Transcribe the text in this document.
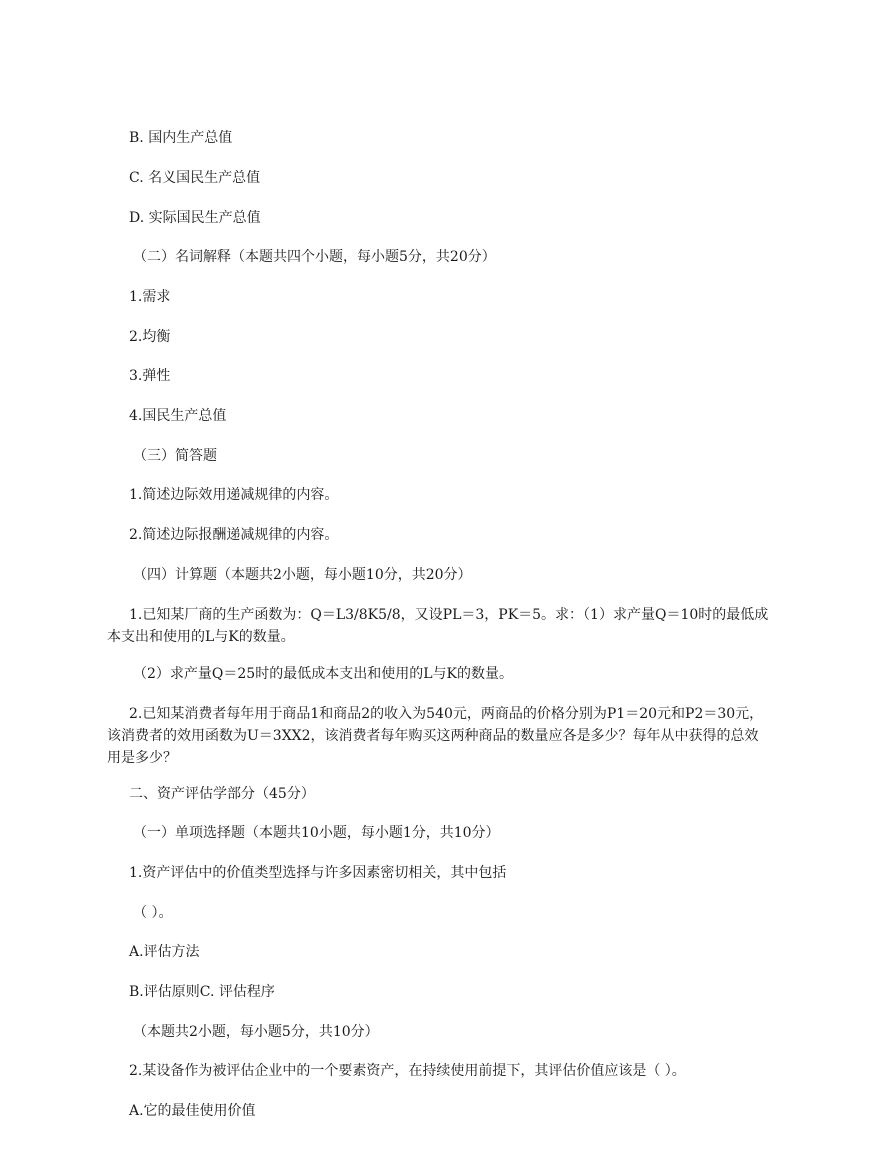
B. 国内生产总值
C. 名义国民生产总值
D. 实际国民生产总值
（二）名词解释（本题共四个小题，每小题5分，共20分）
1.需求
2.均衡
3.弹性
4.国民生产总值
（三）简答题
1.简述边际效用递减规律的内容。
2.简述边际报酬递减规律的内容。
（四）计算题（本题共2小题，每小题10分，共20分）
1.已知某厂商的生产函数为：Q＝L3/8K5/8，又设PL＝3，PK＝5。求：（1）求产量Q＝10时的最低成
本支出和使用的L与K的数量。
（2）求产量Q＝25时的最低成本支出和使用的L与K的数量。
2.已知某消费者每年用于商品1和商品2的收入为540元，两商品的价格分别为P1＝20元和P2＝30元，
该消费者的效用函数为U＝3XX2，该消费者每年购买这两种商品的数量应各是多少？每年从中获得的总效
用是多少？
二、资产评估学部分（45分）
（一）单项选择题（本题共10小题，每小题1分，共10分）
1.资产评估中的价值类型选择与许多因素密切相关，其中包括
（ ）。
A.评估方法
B.评估原则C. 评估程序
（本题共2小题，每小题5分，共10分）
2.某设备作为被评估企业中的一个要素资产，在持续使用前提下，其评估价值应该是（ ）。
A.它的最佳使用价值
